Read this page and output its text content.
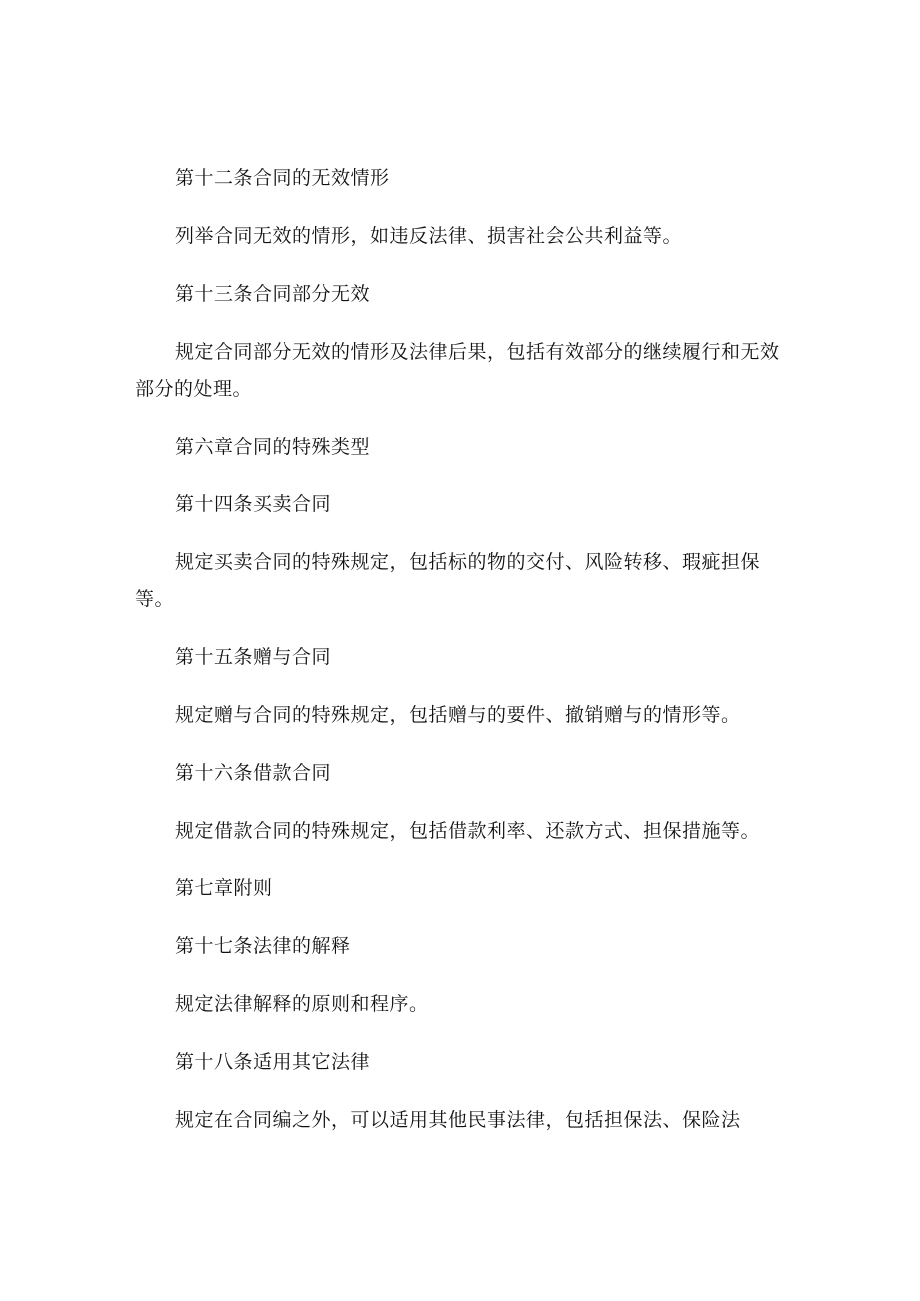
第十二条合同的无效情形

列举合同无效的情形，如违反法律、损害社会公共利益等。

第十三条合同部分无效

规定合同部分无效的情形及法律后果，包括有效部分的继续履行和无效部分的处理。

第六章合同的特殊类型

第十四条买卖合同

规定买卖合同的特殊规定，包括标的物的交付、风险转移、瑕疵担保等。

第十五条赠与合同

规定赠与合同的特殊规定，包括赠与的要件、撤销赠与的情形等。

第十六条借款合同

规定借款合同的特殊规定，包括借款利率、还款方式、担保措施等。

第七章附则

第十七条法律的解释

规定法律解释的原则和程序。

第十八条适用其它法律

规定在合同编之外，可以适用其他民事法律，包括担保法、保险法
